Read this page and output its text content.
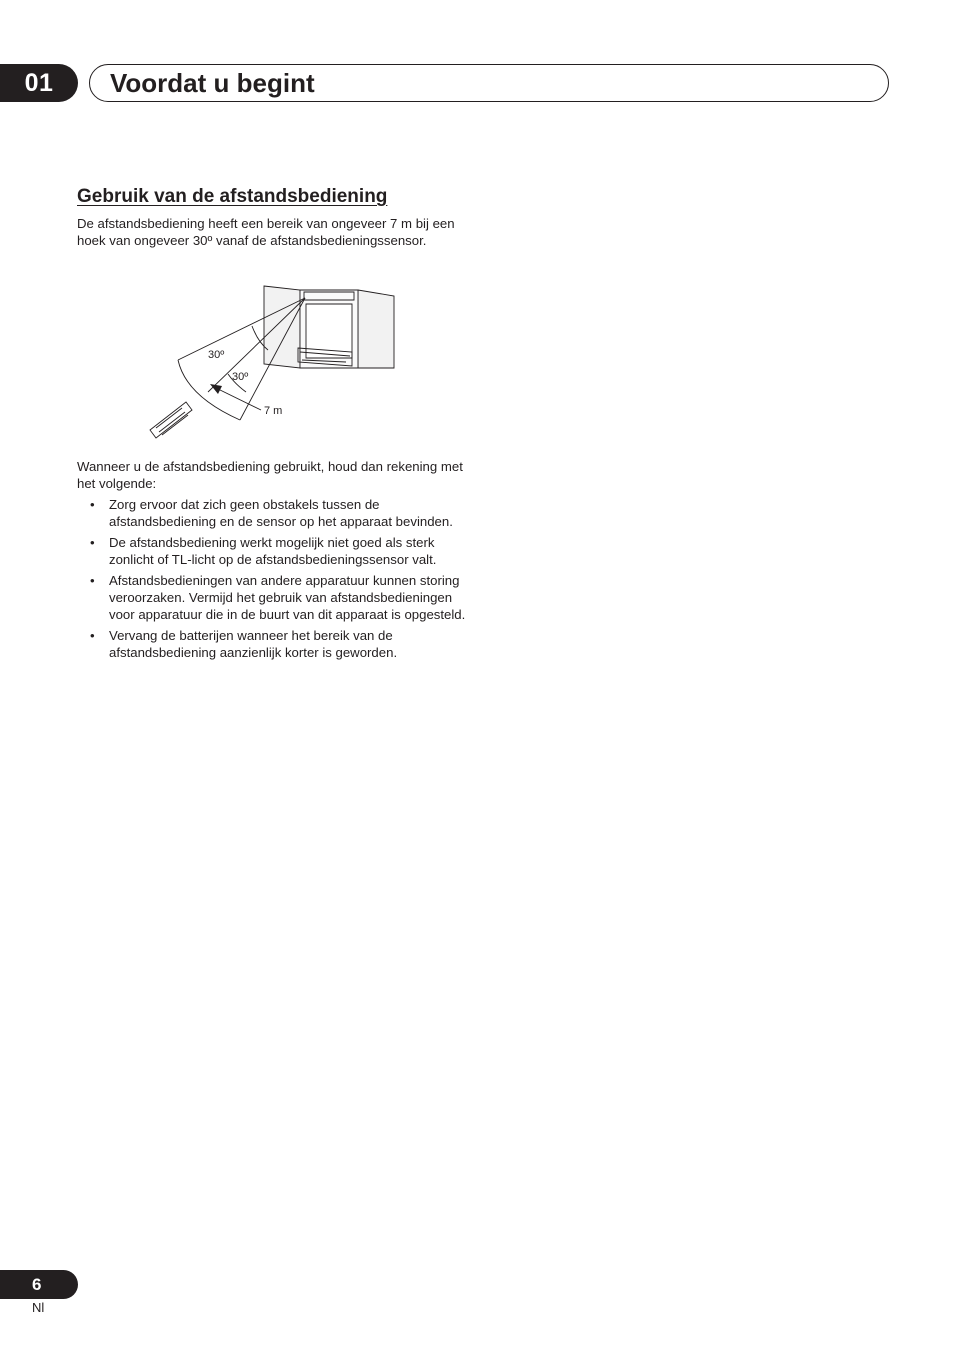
01	Voordat u begint
Gebruik van de afstandsbediening
De afstandsbediening heeft een bereik van ongeveer 7 m bij een hoek van ongeveer 30º vanaf de afstandsbedieningssensor.
30º
30º
7 m
Wanneer u de afstandsbediening gebruikt, houd dan rekening met het volgende:
• Zorg ervoor dat zich geen obstakels tussen de afstandsbediening en de sensor op het apparaat bevinden.
• De afstandsbediening werkt mogelijk niet goed als sterk zonlicht of TL-licht op de afstandsbedieningssensor valt.
• Afstandsbedieningen van andere apparatuur kunnen storing veroorzaken. Vermijd het gebruik van afstandsbedieningen voor apparatuur die in de buurt van dit apparaat is opgesteld.
• Vervang de batterijen wanneer het bereik van de afstandsbediening aanzienlijk korter is geworden.
6
Nl
